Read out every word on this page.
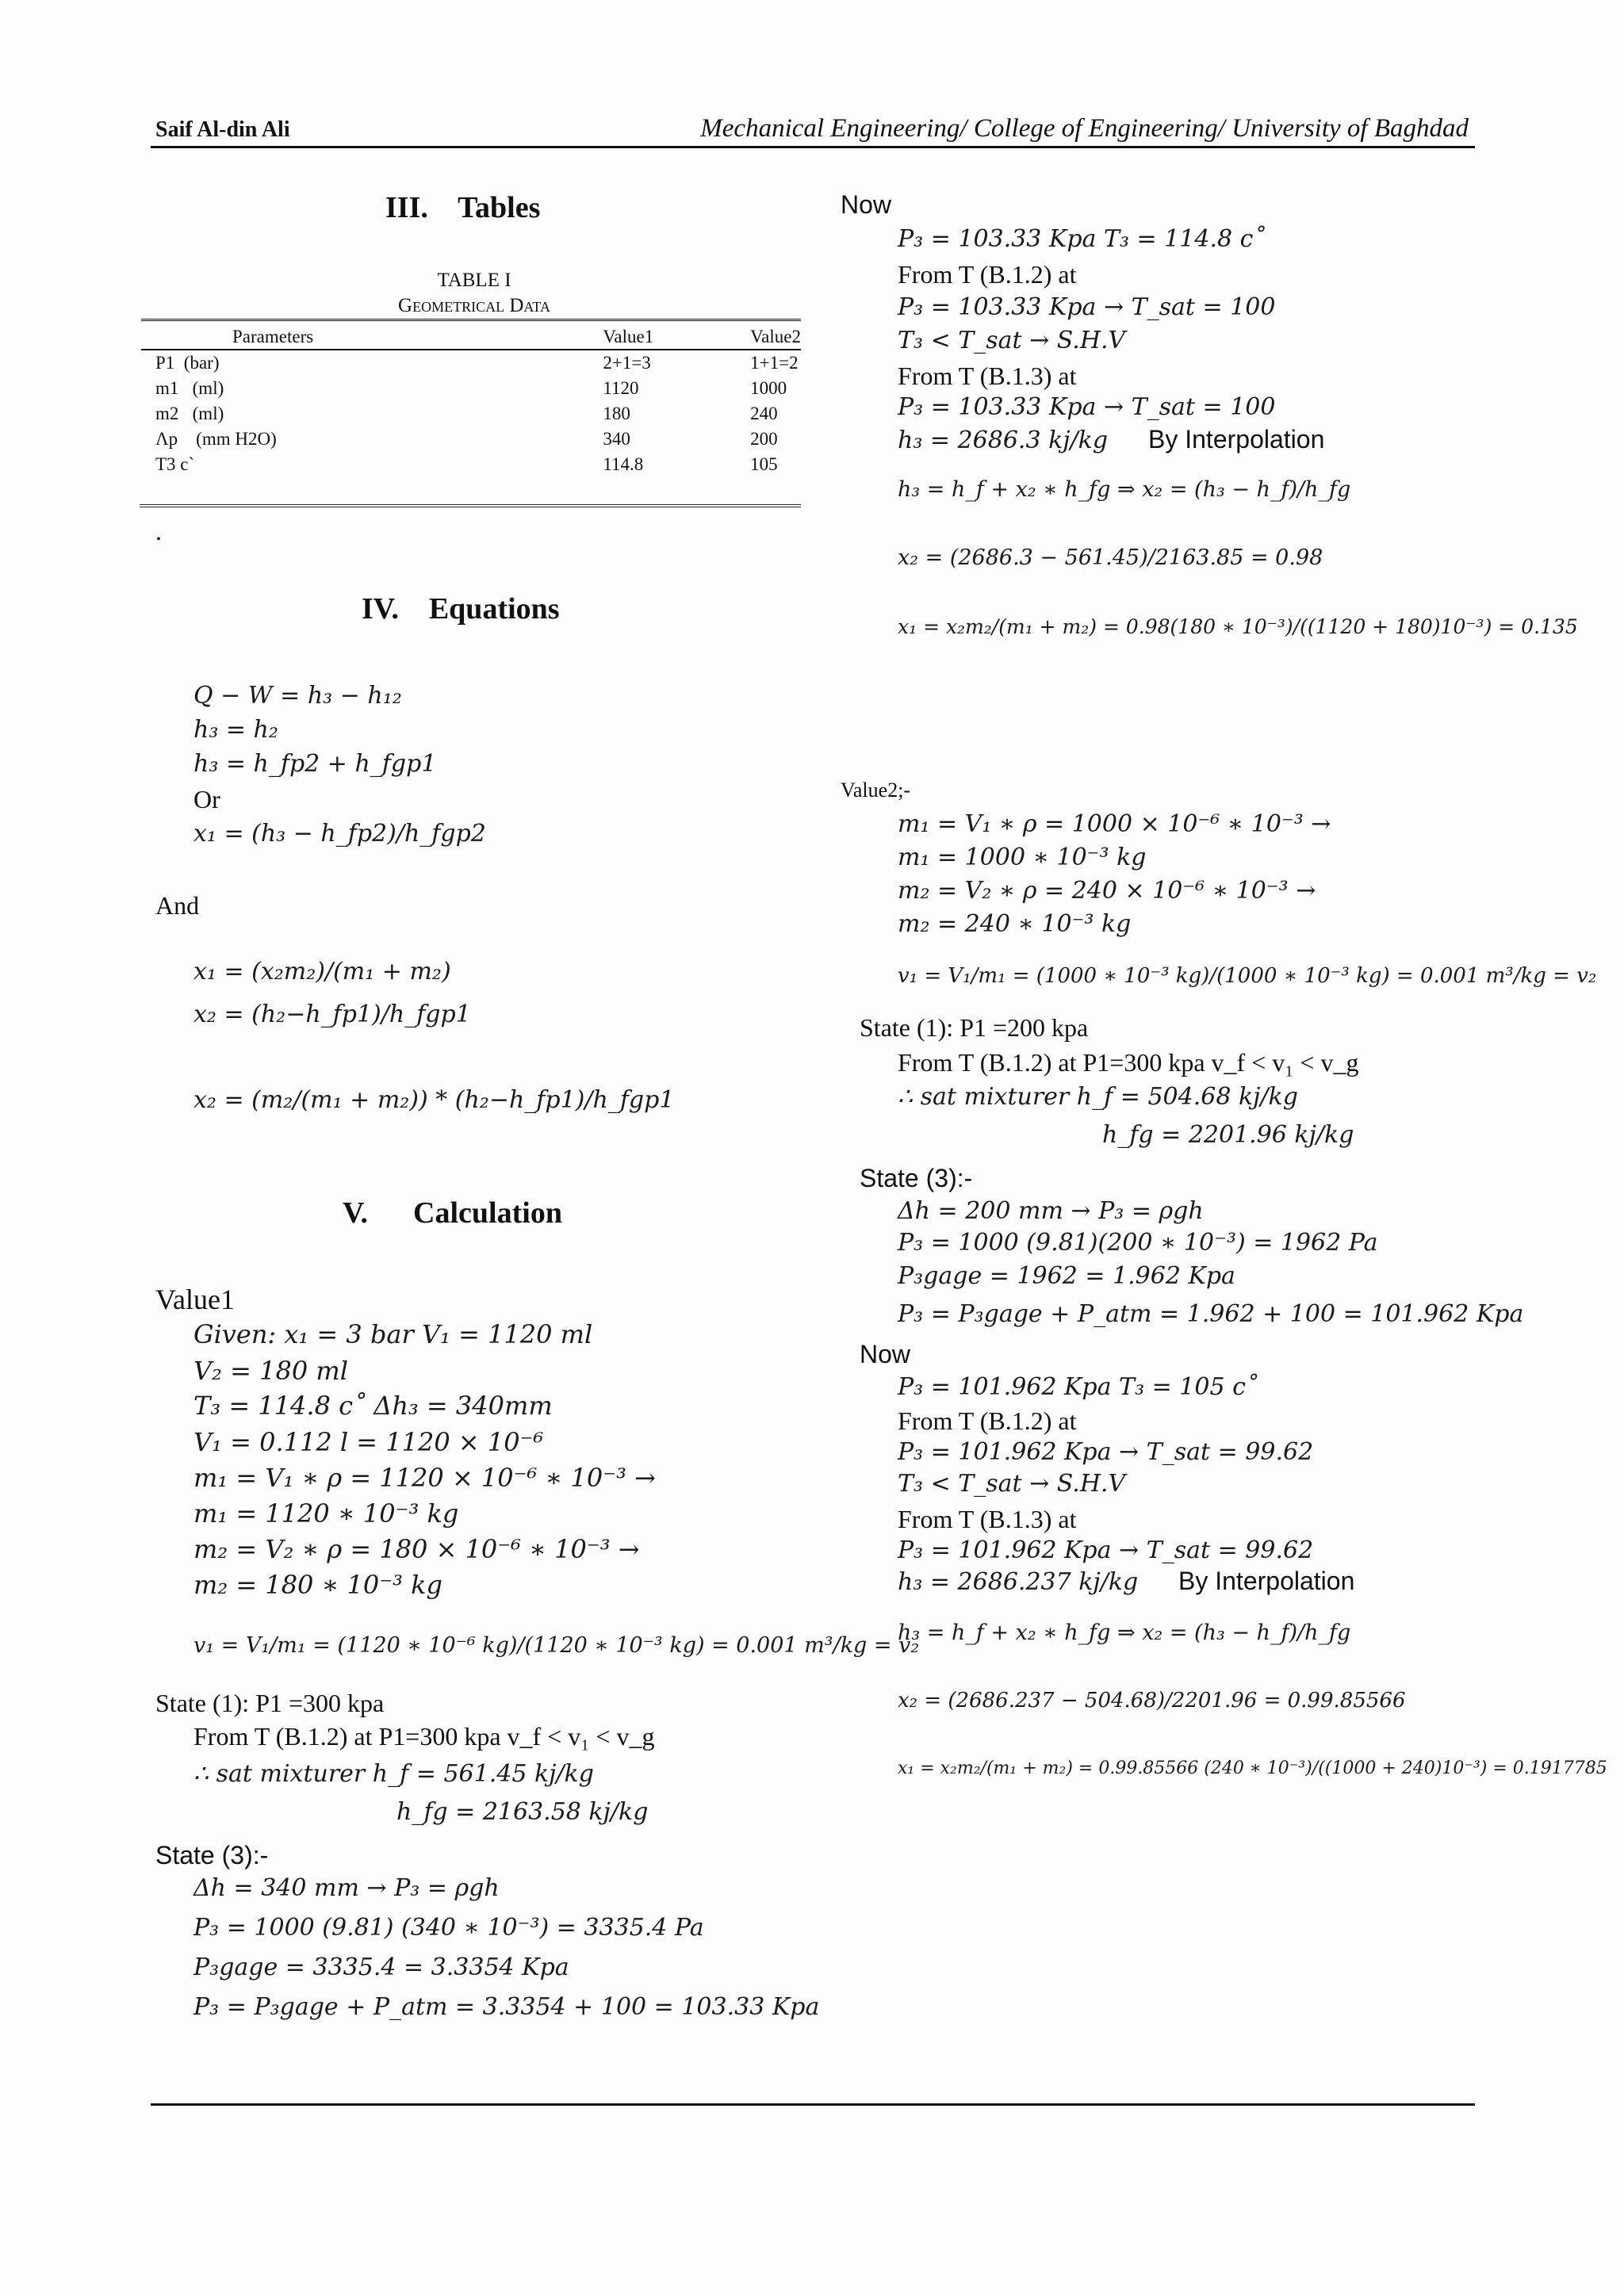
Saif Al-din Ali	Mechanical Engineering/ College of Engineering/ University of Baghdad
III.    Tables
TABLE I
Geometrical Data
Parameters	Value1	Value2
P1  (bar)	2+1=3	1+1=2
m1   (ml)	1120	1000
m2   (ml)	180	240
Λp    (mm H2O)	340	200
T3 c`	114.8	105
.
IV.    Equations
Q − W = h₃ − h₁₂
h₃ = h₂
h₃ = h_fp2 + h_fgp1
Or
x₁ = (h₃ − h_fp2)/h_fgp2
And
x₁ = (x₂m₂)/(m₁ + m₂)
x₂ = (h₂−h_fp1)/h_fgp1
x₂ = (m₂/(m₁ + m₂)) * (h₂−h_fp1)/h_fgp1
V.      Calculation
Value1
Given: x₁ = 3 bar V₁ = 1120 ml
V₂ = 180 ml
T₃ = 114.8 c˚ Δh₃ = 340mm
V₁ = 0.112 l = 1120 × 10⁻⁶
m₁ = V₁ ∗ ρ = 1120 × 10⁻⁶ ∗ 10⁻³ →
m₁ = 1120 ∗ 10⁻³ kg
m₂ = V₂ ∗ ρ = 180 × 10⁻⁶ ∗ 10⁻³ →
m₂ = 180 ∗ 10⁻³ kg
v₁ = V₁/m₁ = (1120 ∗ 10⁻⁶ kg)/(1120 ∗ 10⁻³ kg) = 0.001 m³/kg = v₂
State (1): P1 =300 kpa
From T (B.1.2) at P1=300 kpa v_f < v₁ < v_g
∴ sat mixturer h_f = 561.45 kj/kg
h_fg = 2163.58 kj/kg
State (3):-
Δh = 340 mm → P₃ = ρgh
P₃ = 1000 (9.81) (340 ∗ 10⁻³) = 3335.4 Pa
P₃gage = 3335.4 = 3.3354 Kpa
P₃ = P₃gage + P_atm = 3.3354 + 100 = 103.33 Kpa
Now
P₃ = 103.33 Kpa T₃ = 114.8 c˚
From T (B.1.2) at
P₃ = 103.33 Kpa → T_sat = 100
T₃ < T_sat → S.H.V
From T (B.1.3) at
P₃ = 103.33 Kpa → T_sat = 100
h₃ = 2686.3 kj/kg By Interpolation
h₃ = h_f + x₂ ∗ h_fg ⇒ x₂ = (h₃ − h_f)/h_fg
x₂ = (2686.3 − 561.45)/2163.85 = 0.98
x₁ = x₂m₂/(m₁ + m₂) = 0.98(180 ∗ 10⁻³)/((1120 + 180)10⁻³) = 0.135
Value2;-
m₁ = V₁ ∗ ρ = 1000 × 10⁻⁶ ∗ 10⁻³ →
m₁ = 1000 ∗ 10⁻³ kg
m₂ = V₂ ∗ ρ = 240 × 10⁻⁶ ∗ 10⁻³ →
m₂ = 240 ∗ 10⁻³ kg
v₁ = V₁/m₁ = (1000 ∗ 10⁻³ kg)/(1000 ∗ 10⁻³ kg) = 0.001 m³/kg = v₂
State (1): P1 =200 kpa
From T (B.1.2) at P1=300 kpa v_f < v₁ < v_g
∴ sat mixturer h_f = 504.68 kj/kg
h_fg = 2201.96 kj/kg
State (3):-
Δh = 200 mm → P₃ = ρgh
P₃ = 1000 (9.81)(200 ∗ 10⁻³) = 1962 Pa
P₃gage = 1962 = 1.962 Kpa
P₃ = P₃gage + P_atm = 1.962 + 100 = 101.962 Kpa
Now
P₃ = 101.962 Kpa T₃ = 105 c˚
From T (B.1.2) at
P₃ = 101.962 Kpa → T_sat = 99.62
T₃ < T_sat → S.H.V
From T (B.1.3) at
P₃ = 101.962 Kpa → T_sat = 99.62
h₃ = 2686.237 kj/kg By Interpolation
h₃ = h_f + x₂ ∗ h_fg ⇒ x₂ = (h₃ − h_f)/h_fg
x₂ = (2686.237 − 504.68)/2201.96 = 0.99.85566
x₁ = x₂m₂/(m₁ + m₂) = 0.99.85566 (240 ∗ 10⁻³)/((1000 + 240)10⁻³) = 0.1917785
